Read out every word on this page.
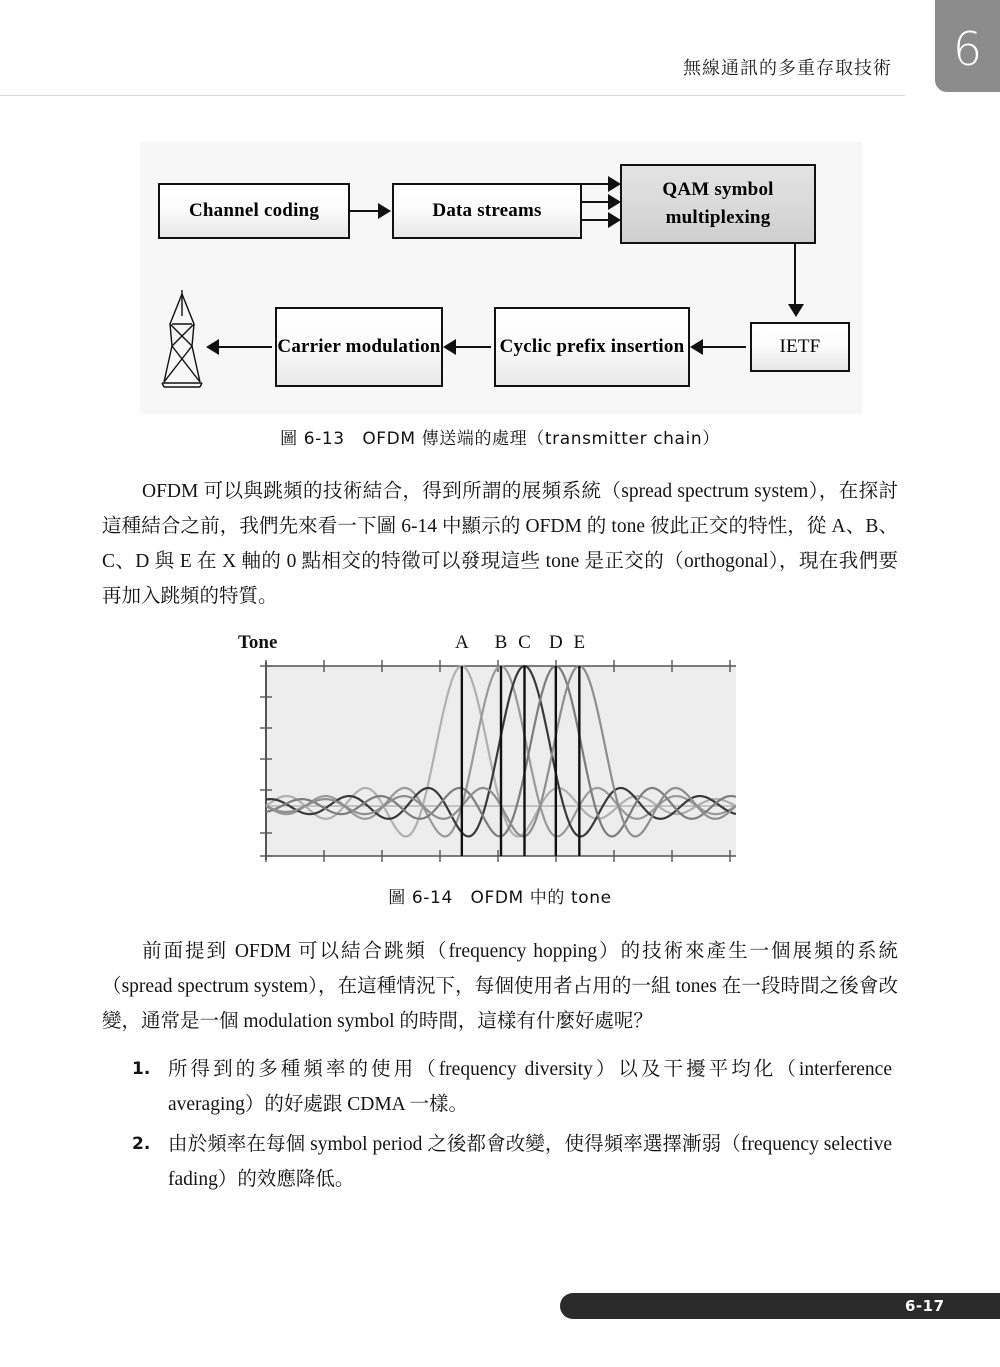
無線通訊的多重存取技術	6
Channel coding	Data streams
QAM symbol multiplexing
Cyclic prefix insertion
Carrier modulation	IETF
圖 6-13　OFDM 傳送端的處理（transmitter chain）
OFDM 可以與跳頻的技術結合，得到所謂的展頻系統（spread spectrum system），在探討這種結合之前，我們先來看一下圖 6-14 中顯示的 OFDM 的 tone 彼此正交的特性，從 A、B、C、D 與 E 在 X 軸的 0 點相交的特徵可以發現這些 tone 是正交的（orthogonal），現在我們要再加入跳頻的特質。
Tone	A B C D E
圖 6-14　OFDM 中的 tone
前面提到 OFDM 可以結合跳頻（frequency hopping）的技術來產生一個展頻的系統（spread spectrum system），在這種情況下，每個使用者占用的一組 tones 在一段時間之後會改變，通常是一個 modulation symbol 的時間，這樣有什麼好處呢？
1. 所得到的多種頻率的使用（frequency diversity）以及干擾平均化（interference averaging）的好處跟 CDMA 一樣。
2. 由於頻率在每個 symbol period 之後都會改變，使得頻率選擇漸弱（frequency selective fading）的效應降低。
6-17
